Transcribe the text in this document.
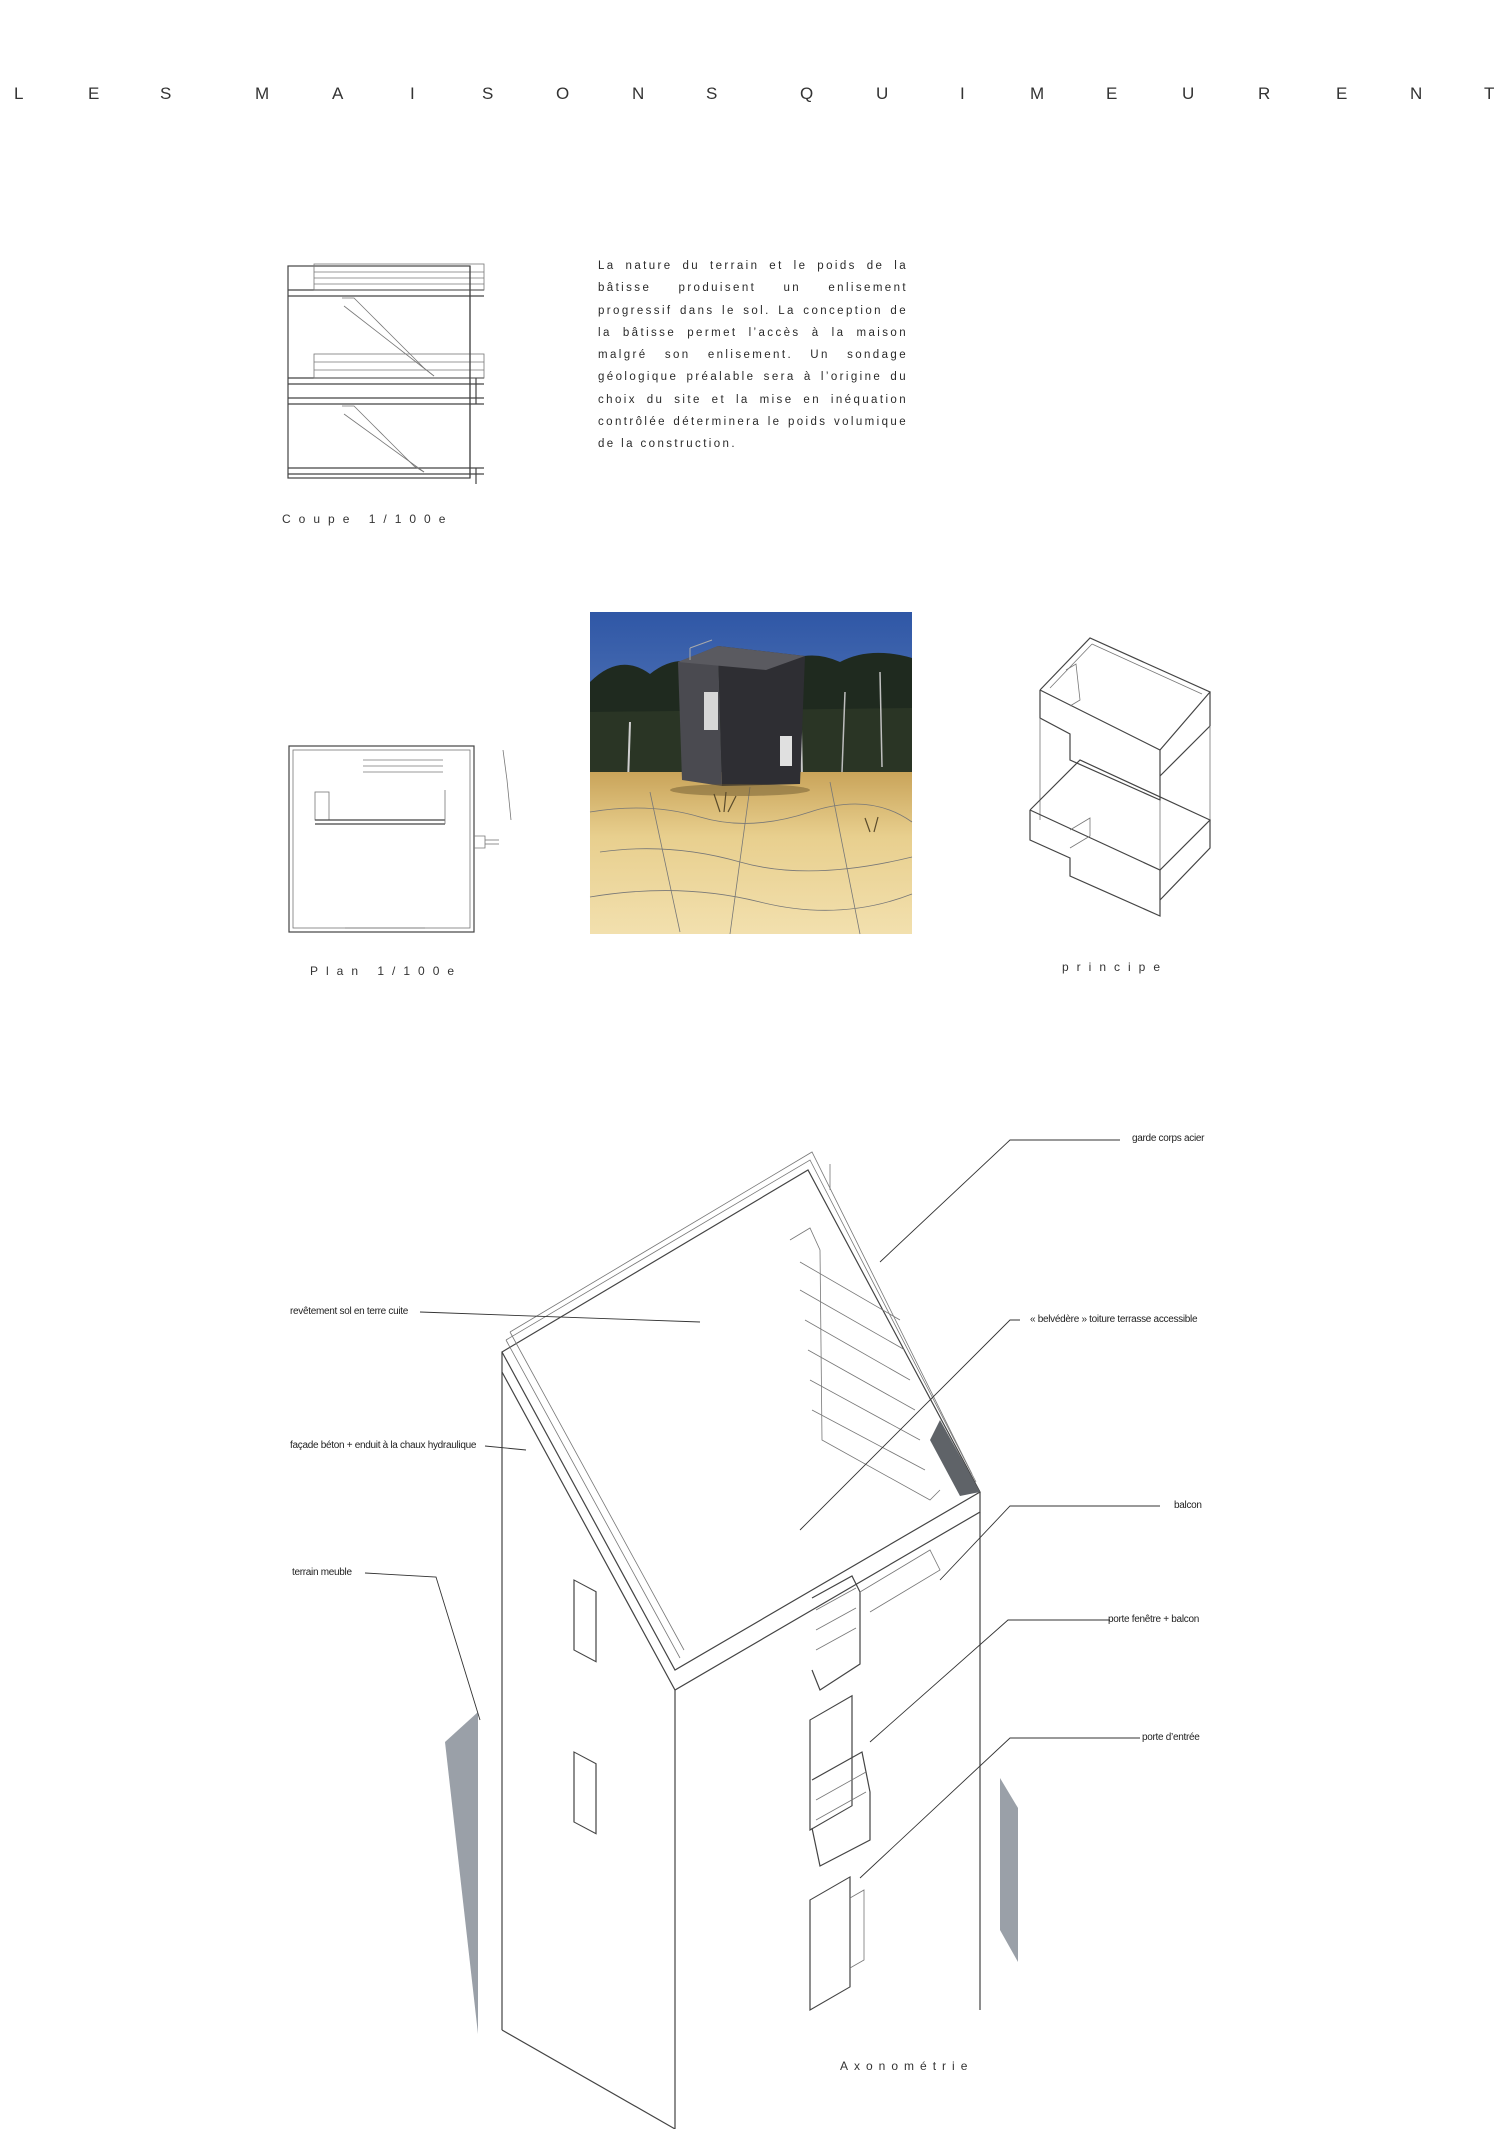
L	E	S	M	A	I	S	O	N	S	Q	U	I	M	E	U	R	E	N	T
Coupe 1/100e
La nature du terrain et le poids de la bâtisse produisent un enlisement progressif dans le sol. La conception de la bâtisse permet l’accès à la maison malgré son enlisement. Un sondage géologique préalable sera à l’origine du choix du site et la mise en inéquation contrôlée déterminera le poids volumique de la construction.
Plan 1/100e	principe
garde corps acier
revêtement sol en terre cuite
« belvédère » toiture terrasse accessible
façade béton + enduit à la chaux hydraulique
balcon
terrain meuble
porte fenêtre + balcon
porte d’entrée
Axonométrie
